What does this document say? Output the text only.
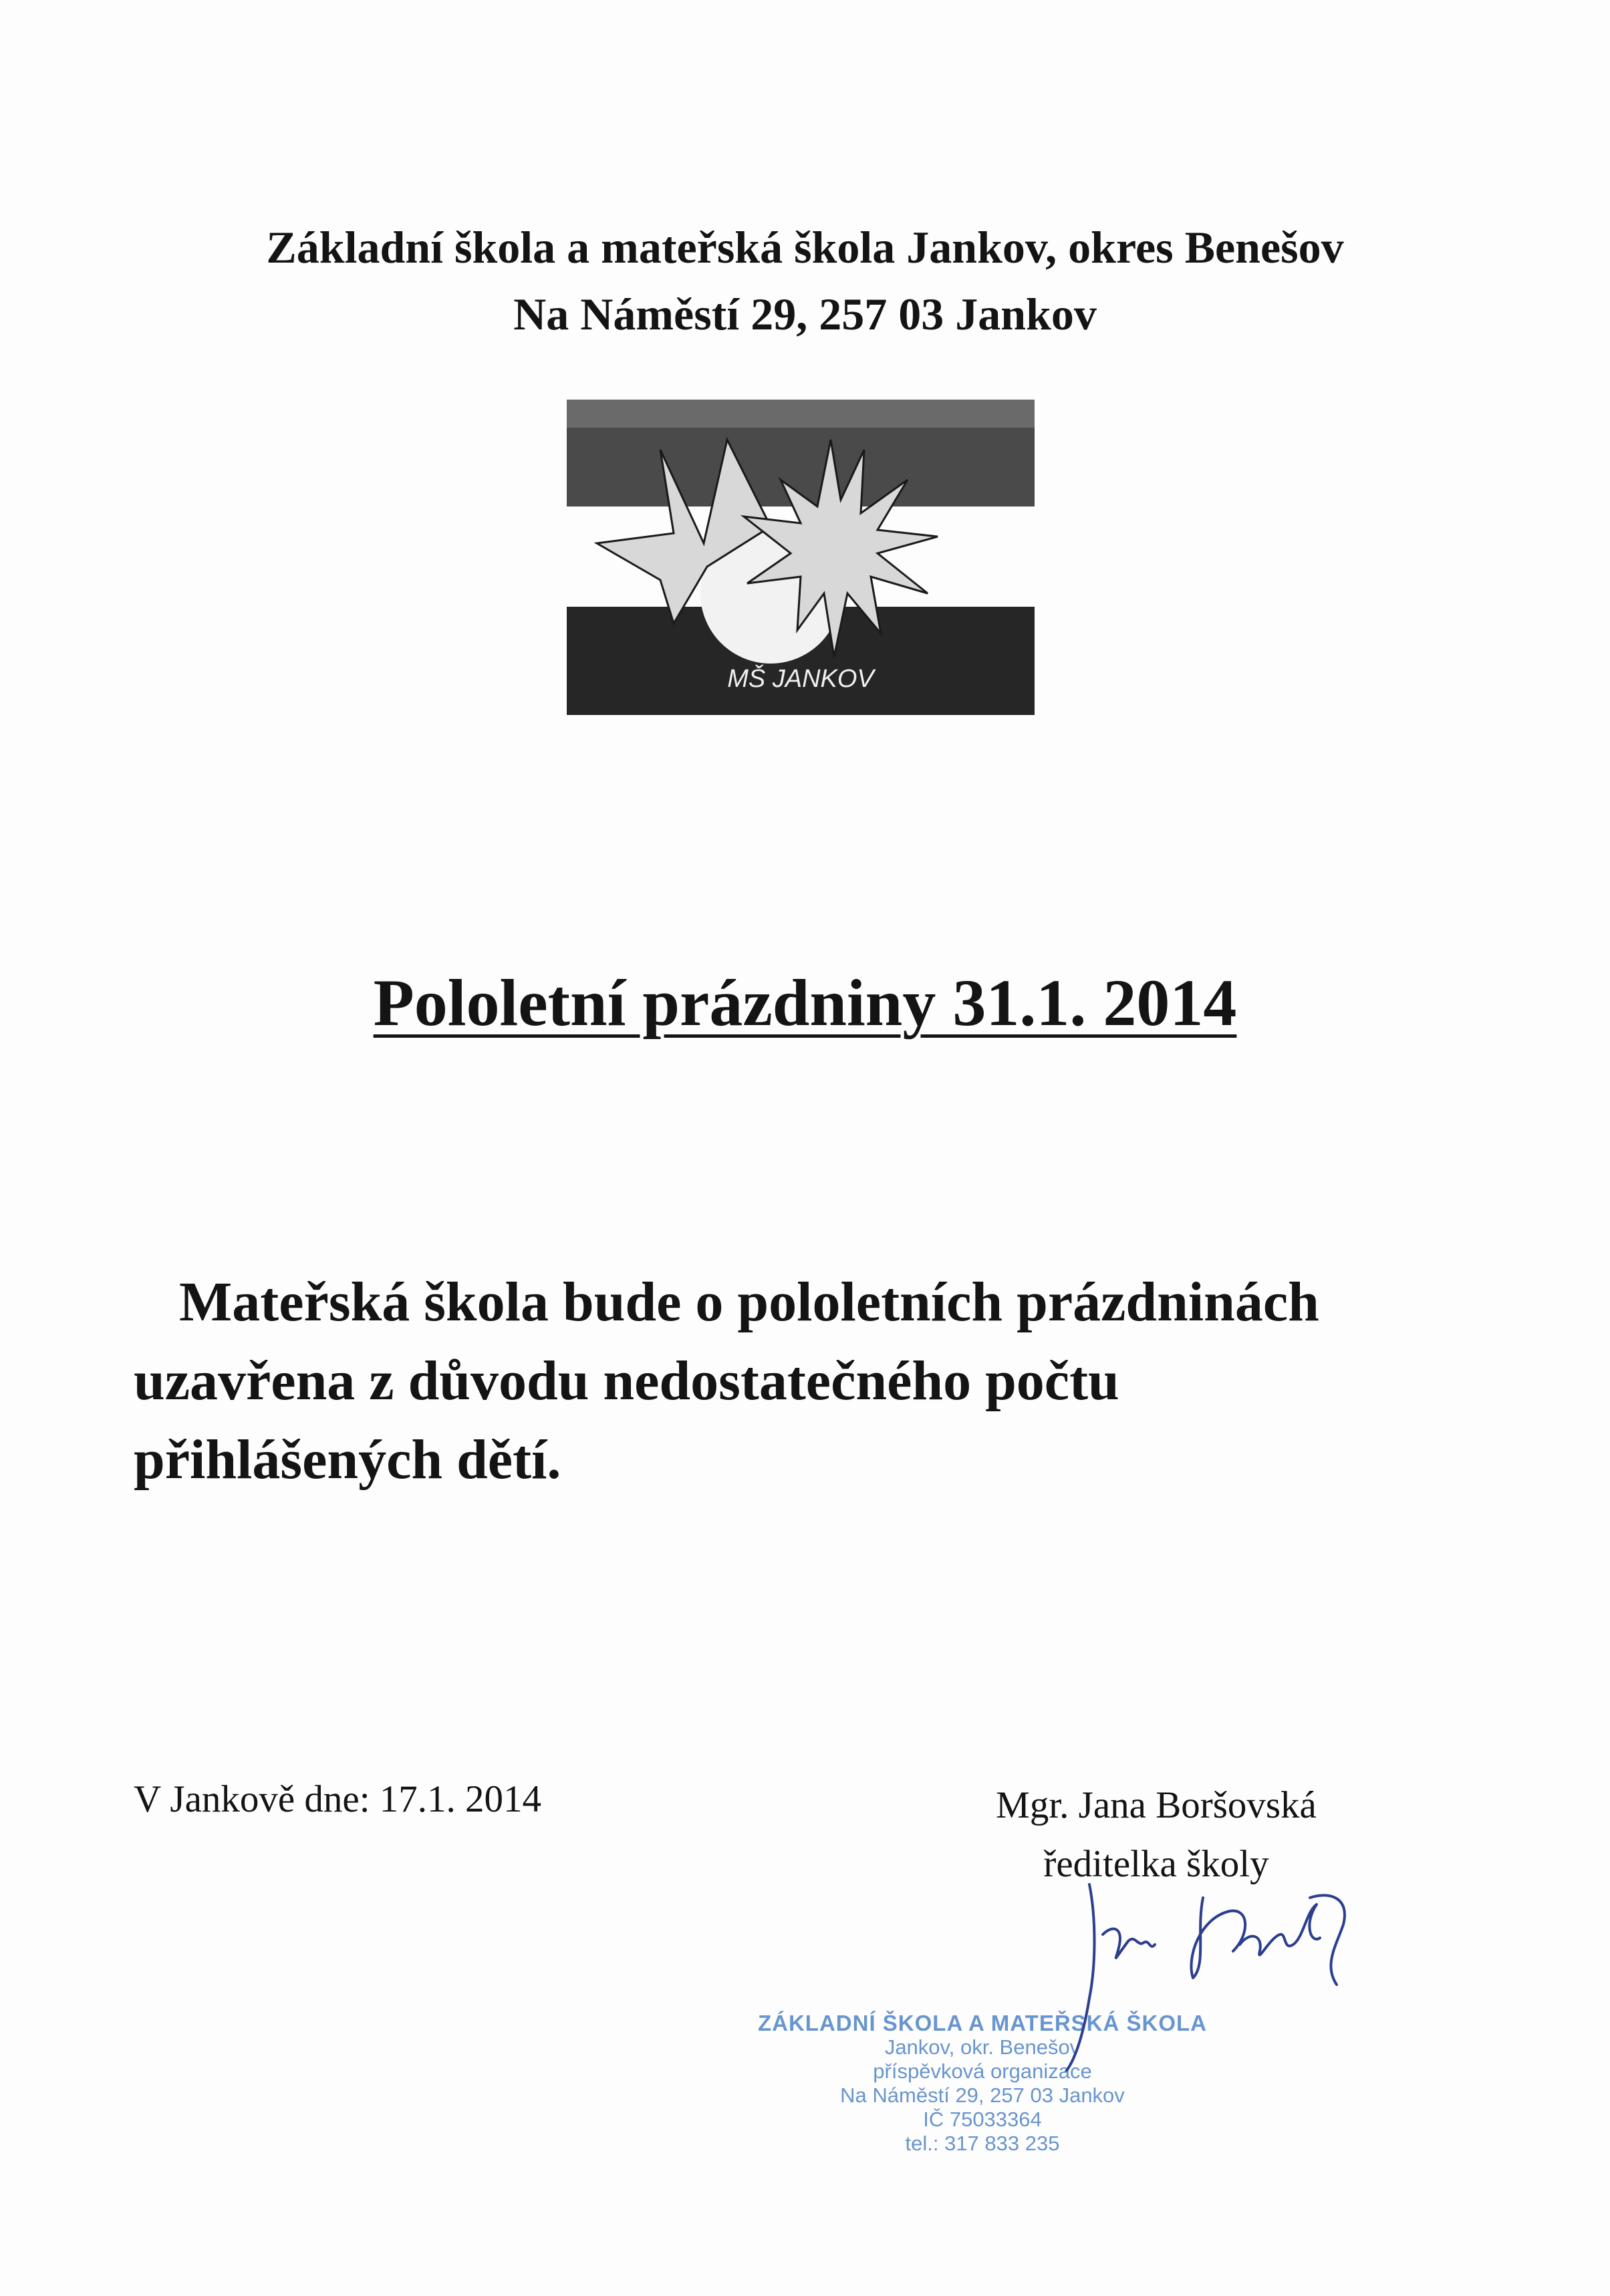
Základní škola a mateřská škola Jankov, okres Benešov
Na Náměstí 29, 257 03 Jankov
MŠ JANKOV
Pololetní prázdniny 31.1. 2014
Mateřská škola bude o pololetních prázdninách
uzavřena z důvodu nedostatečného počtu
přihlášených dětí.
V Jankově dne: 17.1. 2014	Mgr. Jana Boršovská
ředitelka školy
ZÁKLADNÍ ŠKOLA A MATEŘSKÁ ŠKOLA
Jankov, okr. Benešov
příspěvková organizace
Na Náměstí 29, 257 03 Jankov
IČ 75033364
tel.: 317 833 235
